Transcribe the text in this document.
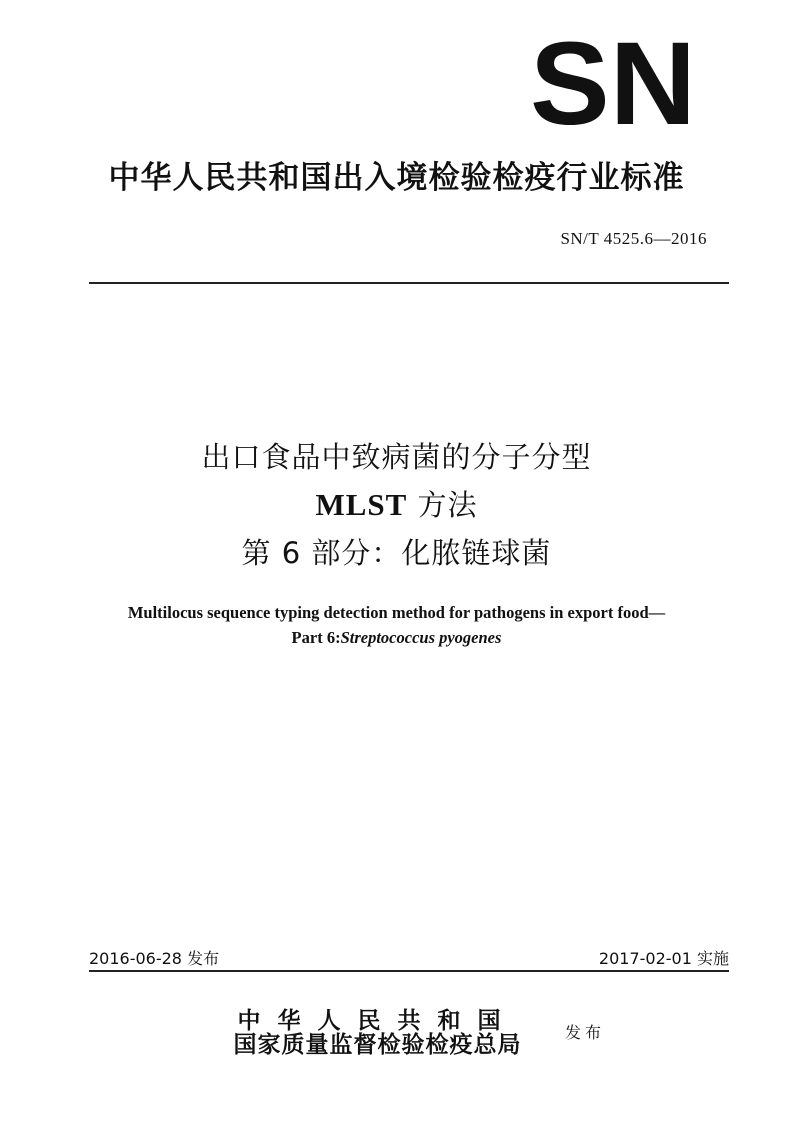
SN
中华人民共和国出入境检验检疫行业标准
SN/T 4525.6—2016
出口食品中致病菌的分子分型
MLST 方法
第 6 部分：化脓链球菌
Multilocus sequence typing detection method for pathogens in export food—
Part 6:Streptococcus pyogenes
2016-06-28 发布	2017-02-01 实施
中华人民共和国
国家质量监督检验检疫总局	发布
